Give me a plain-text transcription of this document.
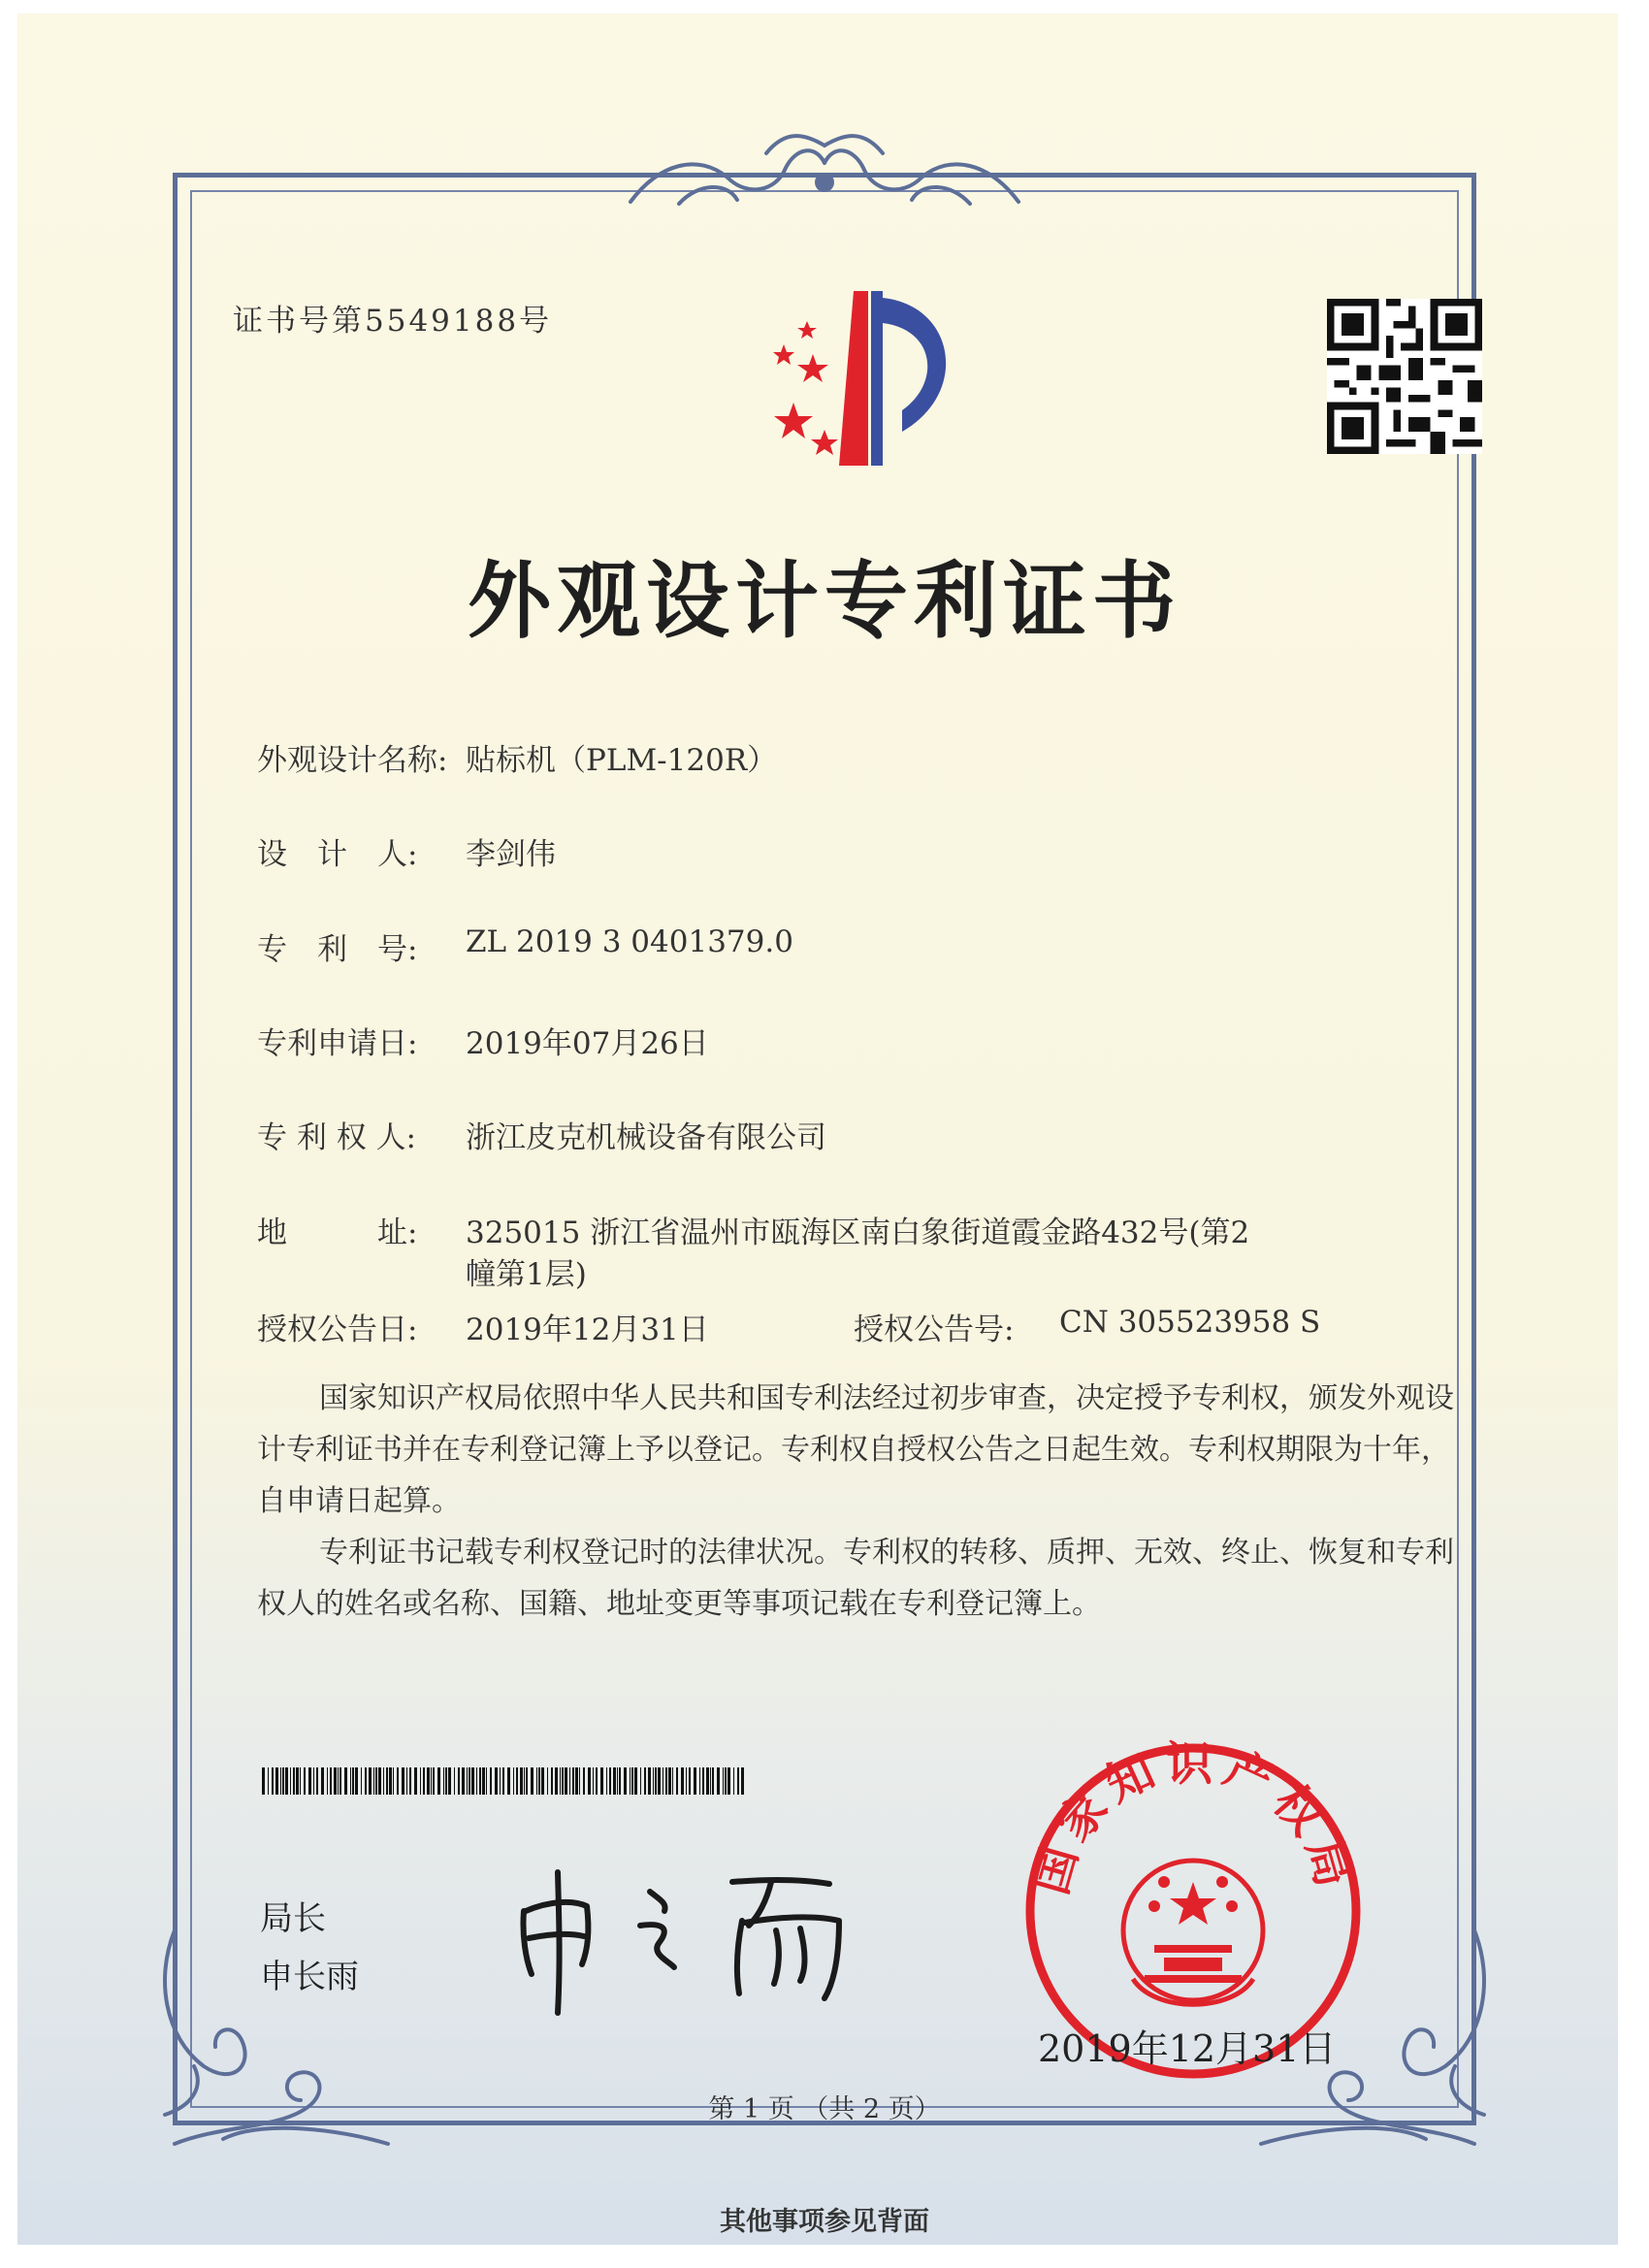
证书号第5549188号
外观设计专利证书
外观设计名称: 贴标机（PLM-120R）
设　计　人: 李剑伟
专　利　号: ZL 2019 3 0401379.0
专利申请日: 2019年07月26日
专 利 权 人: 浙江皮克机械设备有限公司
地　　　址: 325015 浙江省温州市瓯海区南白象街道霞金路432号(第2
幢第1层)
授权公告日: 2019年12月31日	授权公告号: CN 305523958 S

国家知识产权局依照中华人民共和国专利法经过初步审查，决定授予专利权，颁发外观设计专利证书并在专利登记簿上予以登记。专利权自授权公告之日起生效。专利权期限为十年，自申请日起算。

专利证书记载专利权登记时的法律状况。专利权的转移、质押、无效、终止、恢复和专利权人的姓名或名称、国籍、地址变更等事项记载在专利登记簿上。

局长
申长雨
国家知识产权局
2019年12月31日
第 1 页 （共 2 页）
其他事项参见背面
